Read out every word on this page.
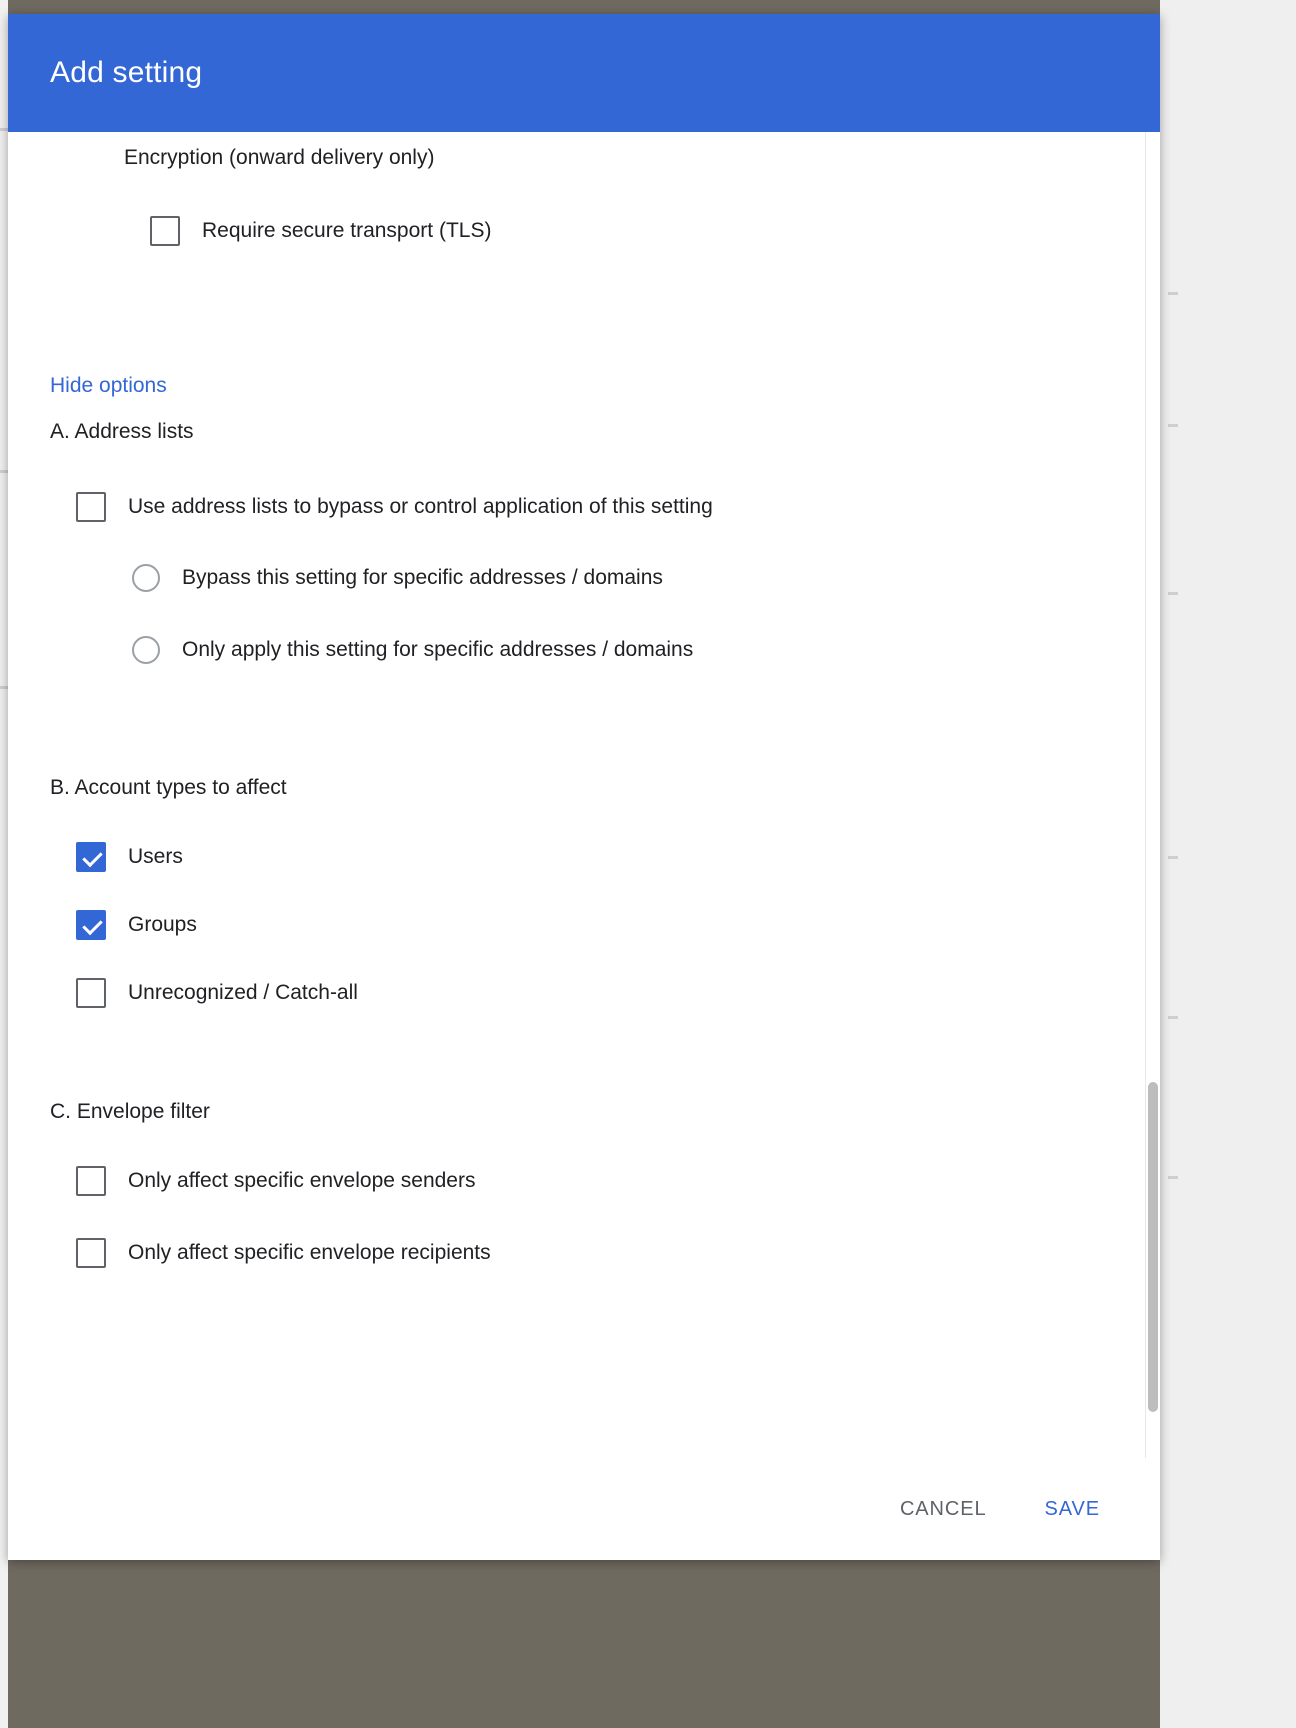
Add setting
Encryption (onward delivery only)
Require secure transport (TLS)
Hide options
A. Address lists
Use address lists to bypass or control application of this setting
Bypass this setting for specific addresses / domains
Only apply this setting for specific addresses / domains
B. Account types to affect
Users
Groups
Unrecognized / Catch-all
C. Envelope filter
Only affect specific envelope senders
Only affect specific envelope recipients
CANCEL	SAVE
